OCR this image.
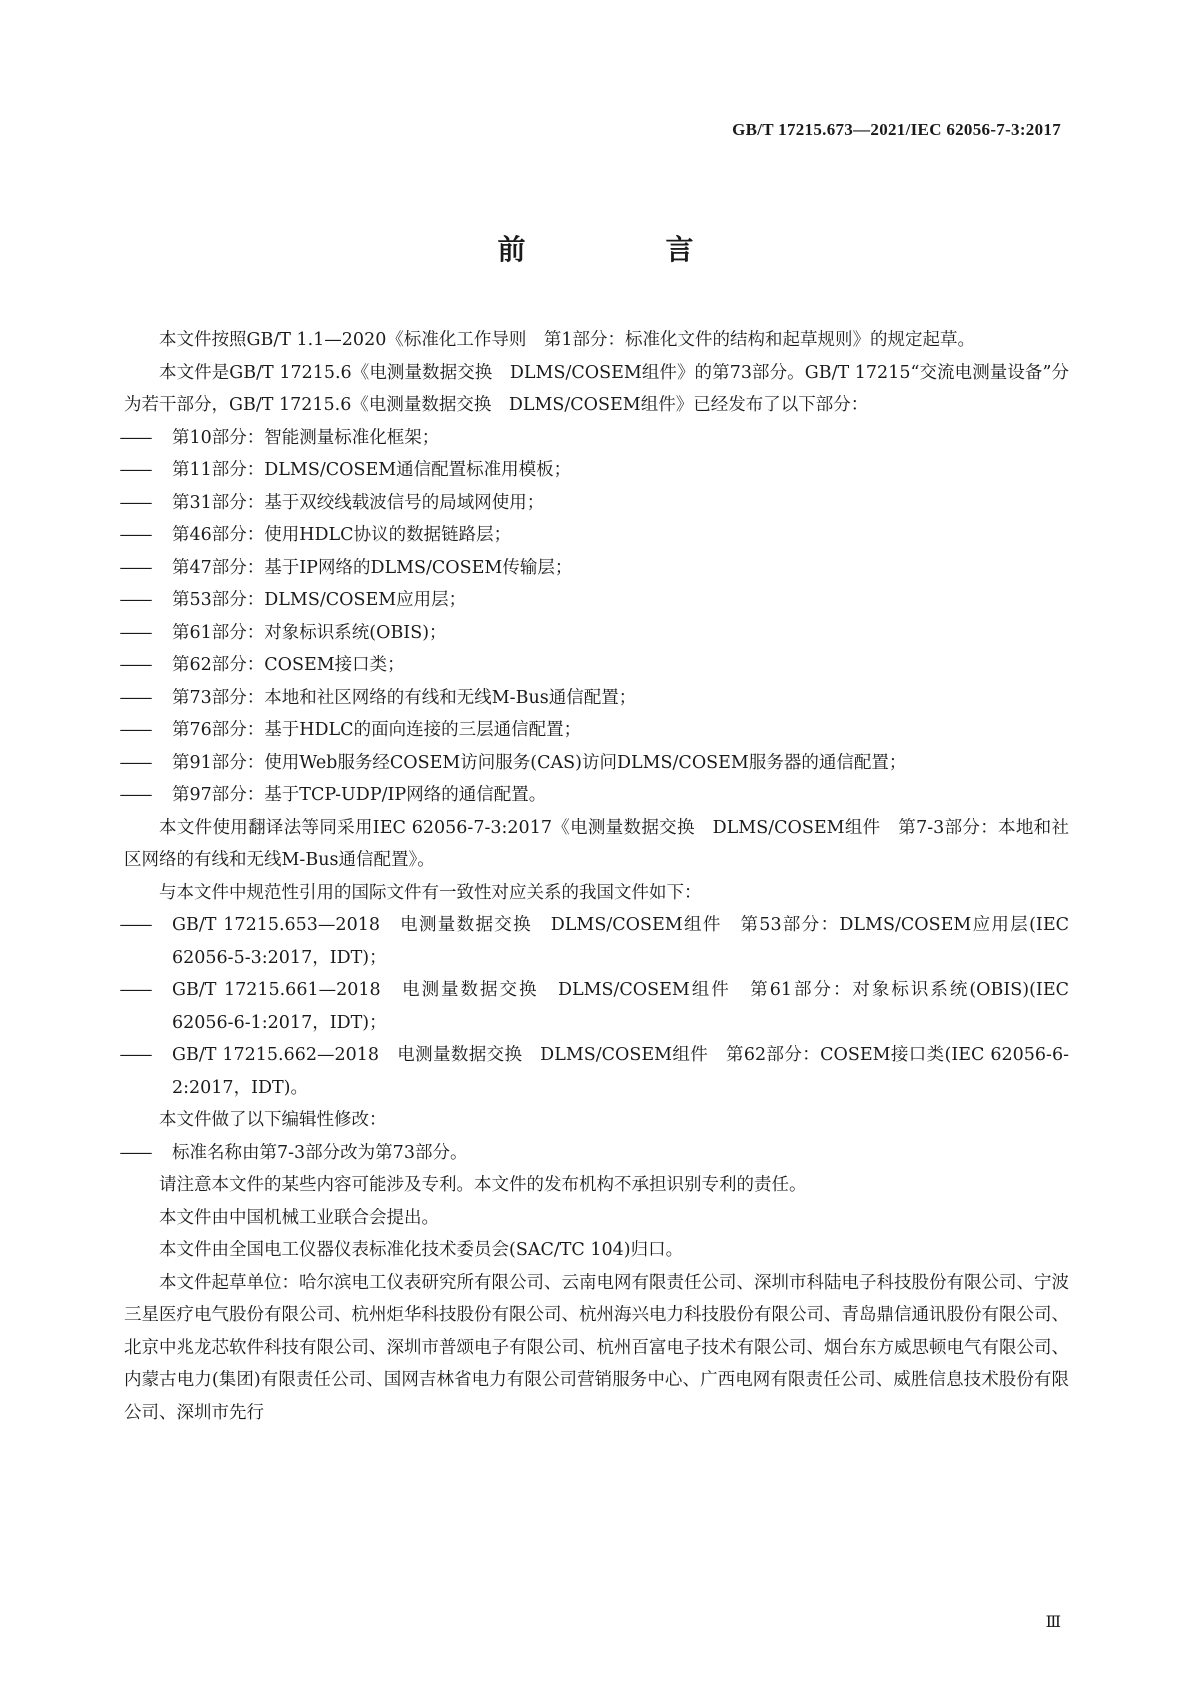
GB/T 17215.673—2021/IEC 62056-7-3:2017
前　言

本文件按照GB/T 1.1—2020《标准化工作导则　第1部分：标准化文件的结构和起草规则》的规定起草。

本文件是GB/T 17215.6《电测量数据交换　DLMS/COSEM组件》的第73部分。GB/T 17215“交流电测量设备”分为若干部分，GB/T 17215.6《电测量数据交换　DLMS/COSEM组件》已经发布了以下部分：

—— 第10部分：智能测量标准化框架；

—— 第11部分：DLMS/COSEM通信配置标准用模板；

—— 第31部分：基于双绞线载波信号的局域网使用；

—— 第46部分：使用HDLC协议的数据链路层；

—— 第47部分：基于IP网络的DLMS/COSEM传输层；

—— 第53部分：DLMS/COSEM应用层；

—— 第61部分：对象标识系统(OBIS)；

—— 第62部分：COSEM接口类；

—— 第73部分：本地和社区网络的有线和无线M-Bus通信配置；

—— 第76部分：基于HDLC的面向连接的三层通信配置；

—— 第91部分：使用Web服务经COSEM访问服务(CAS)访问DLMS/COSEM服务器的通信配置；

—— 第97部分：基于TCP-UDP/IP网络的通信配置。

本文件使用翻译法等同采用IEC 62056-7-3:2017《电测量数据交换　DLMS/COSEM组件　第7-3部分：本地和社区网络的有线和无线M-Bus通信配置》。

与本文件中规范性引用的国际文件有一致性对应关系的我国文件如下：

—— GB/T 17215.653—2018　电测量数据交换　DLMS/COSEM组件　第53部分：DLMS/COSEM应用层(IEC 62056-5-3:2017，IDT)；

—— GB/T 17215.661—2018　电测量数据交换　DLMS/COSEM组件　第61部分：对象标识系统(OBIS)(IEC 62056-6-1:2017，IDT)；

—— GB/T 17215.662—2018　电测量数据交换　DLMS/COSEM组件　第62部分：COSEM接口类(IEC 62056-6-2:2017，IDT)。

本文件做了以下编辑性修改：

—— 标准名称由第7-3部分改为第73部分。

请注意本文件的某些内容可能涉及专利。本文件的发布机构不承担识别专利的责任。

本文件由中国机械工业联合会提出。

本文件由全国电工仪器仪表标准化技术委员会(SAC/TC 104)归口。

本文件起草单位：哈尔滨电工仪表研究所有限公司、云南电网有限责任公司、深圳市科陆电子科技股份有限公司、宁波三星医疗电气股份有限公司、杭州炬华科技股份有限公司、杭州海兴电力科技股份有限公司、青岛鼎信通讯股份有限公司、北京中兆龙芯软件科技有限公司、深圳市普颂电子有限公司、杭州百富电子技术有限公司、烟台东方威思顿电气有限公司、内蒙古电力(集团)有限责任公司、国网吉林省电力有限公司营销服务中心、广西电网有限责任公司、威胜信息技术股份有限公司、深圳市先行

Ⅲ
